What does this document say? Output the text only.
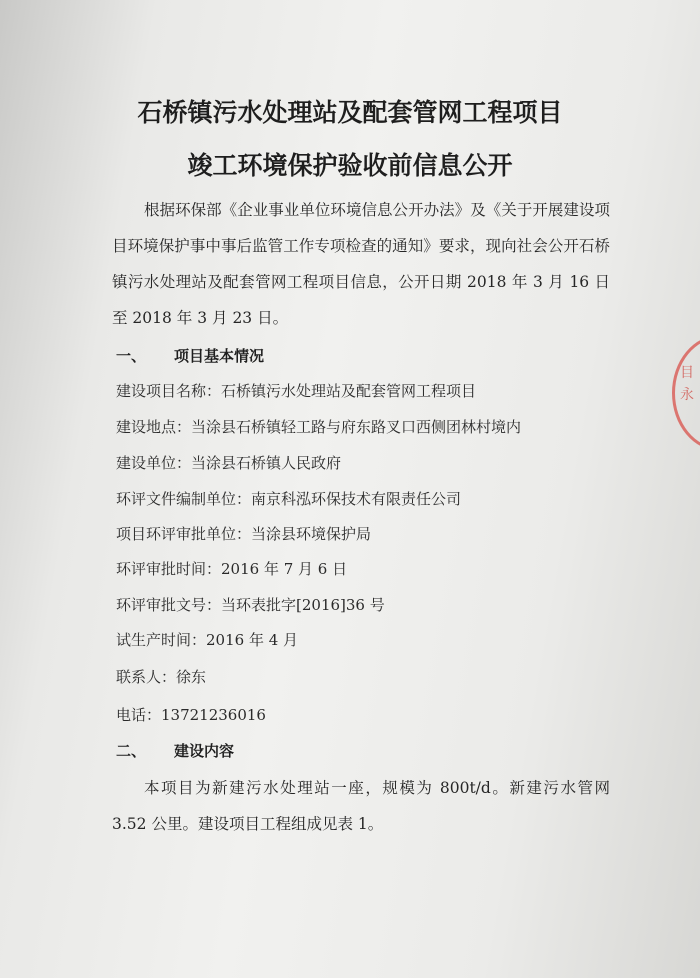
石桥镇污水处理站及配套管网工程项目
竣工环境保护验收前信息公开

根据环保部《企业事业单位环境信息公开办法》及《关于开展建设项目环境保护事中事后监管工作专项检查的通知》要求，现向社会公开石桥镇污水处理站及配套管网工程项目信息，公开日期 2018 年 3 月 16 日至 2018 年 3 月 23 日。

一、 项目基本情况
建设项目名称：石桥镇污水处理站及配套管网工程项目
建设地点：当涂县石桥镇轻工路与府东路叉口西侧团林村境内
建设单位：当涂县石桥镇人民政府
环评文件编制单位：南京科泓环保技术有限责任公司
项目环评审批单位：当涂县环境保护局
环评审批时间：2016 年 7 月 6 日
环评审批文号：当环表批字[2016]36 号
试生产时间：2016 年 4 月
联系人：徐东
电话：13721236016
二、 建设内容

本项目为新建污水处理站一座，规模为 800t/d。新建污水管网 3.52 公里。建设项目工程组成见表 1。

目
永
